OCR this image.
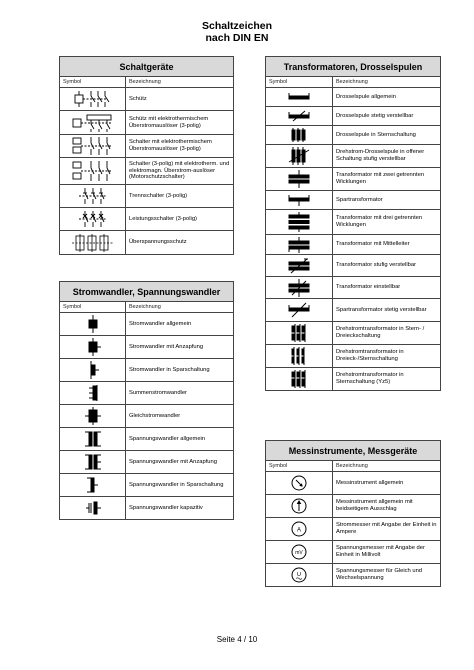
Schaltzeichen
nach DIN EN
Schaltgeräte	
Symbol	Bezeichnung

	Schütz

	Schütz mit elektrothermischem Überstromauslöser (3-polig)

	Schalter mit elektrothermischem Überstromauslöser (3-polig)

	Schalter (3-polig) mit elektrotherm. und elektromagn. Überstrom-auslöser (Motorschutzschalter)

	Trennschalter (3-polig)

	Leistungsschalter (3-polig)

	Überspannungsschutz
Stromwandler, Spannungswandler	
Symbol	Bezeichnung

	Stromwandler allgemein

	Stromwandler mit Anzapfung

	Stromwandler in Sparschaltung

	Summenstromwandler

	Gleichstromwandler

	Spannungswandler allgemein

	Spannungswandler mit Anzapfung

	Spannungswandler in Sparschaltung

	Spannungswandler kapazitiv
Transformatoren, Drosselspulen	
Symbol	Bezeichnung

	Drosselspule allgemein

	Drosselspule stetig verstellbar

	Drosselspule in Sternschaltung

	Drehstrom-Drosselspule in offener Schaltung stufig verstellbar

	Transformator mit zwei getrennten Wicklungen

	Spartransformator

	Transformator mit drei getrennten Wicklungen

	Transformator mit Mittelleiter

	Transformator stufig verstellbar

	Transformator einstellbar

	Spartransformator stetig verstellbar

	Drehstromtransformator in Stern- / Dreieckschaltung

	Drehstromtransformator in Dreieck-/Sternschaltung

	Drehstromtransformator in Sternschaltung (Yz5)
Messinstrumente, Messgeräte	
Symbol	Bezeichnung

	Messinstrument allgemein

	Messinstrument allgemein mit beidseitigem Ausschlag

A	Strommesser mit Angabe der Einheit in Ampere

mV	Spannungsmesser mit Angabe der Einheit in Millivolt

U	Spannungsmesser für Gleich und Wechselspannung
Seite 4 / 10
